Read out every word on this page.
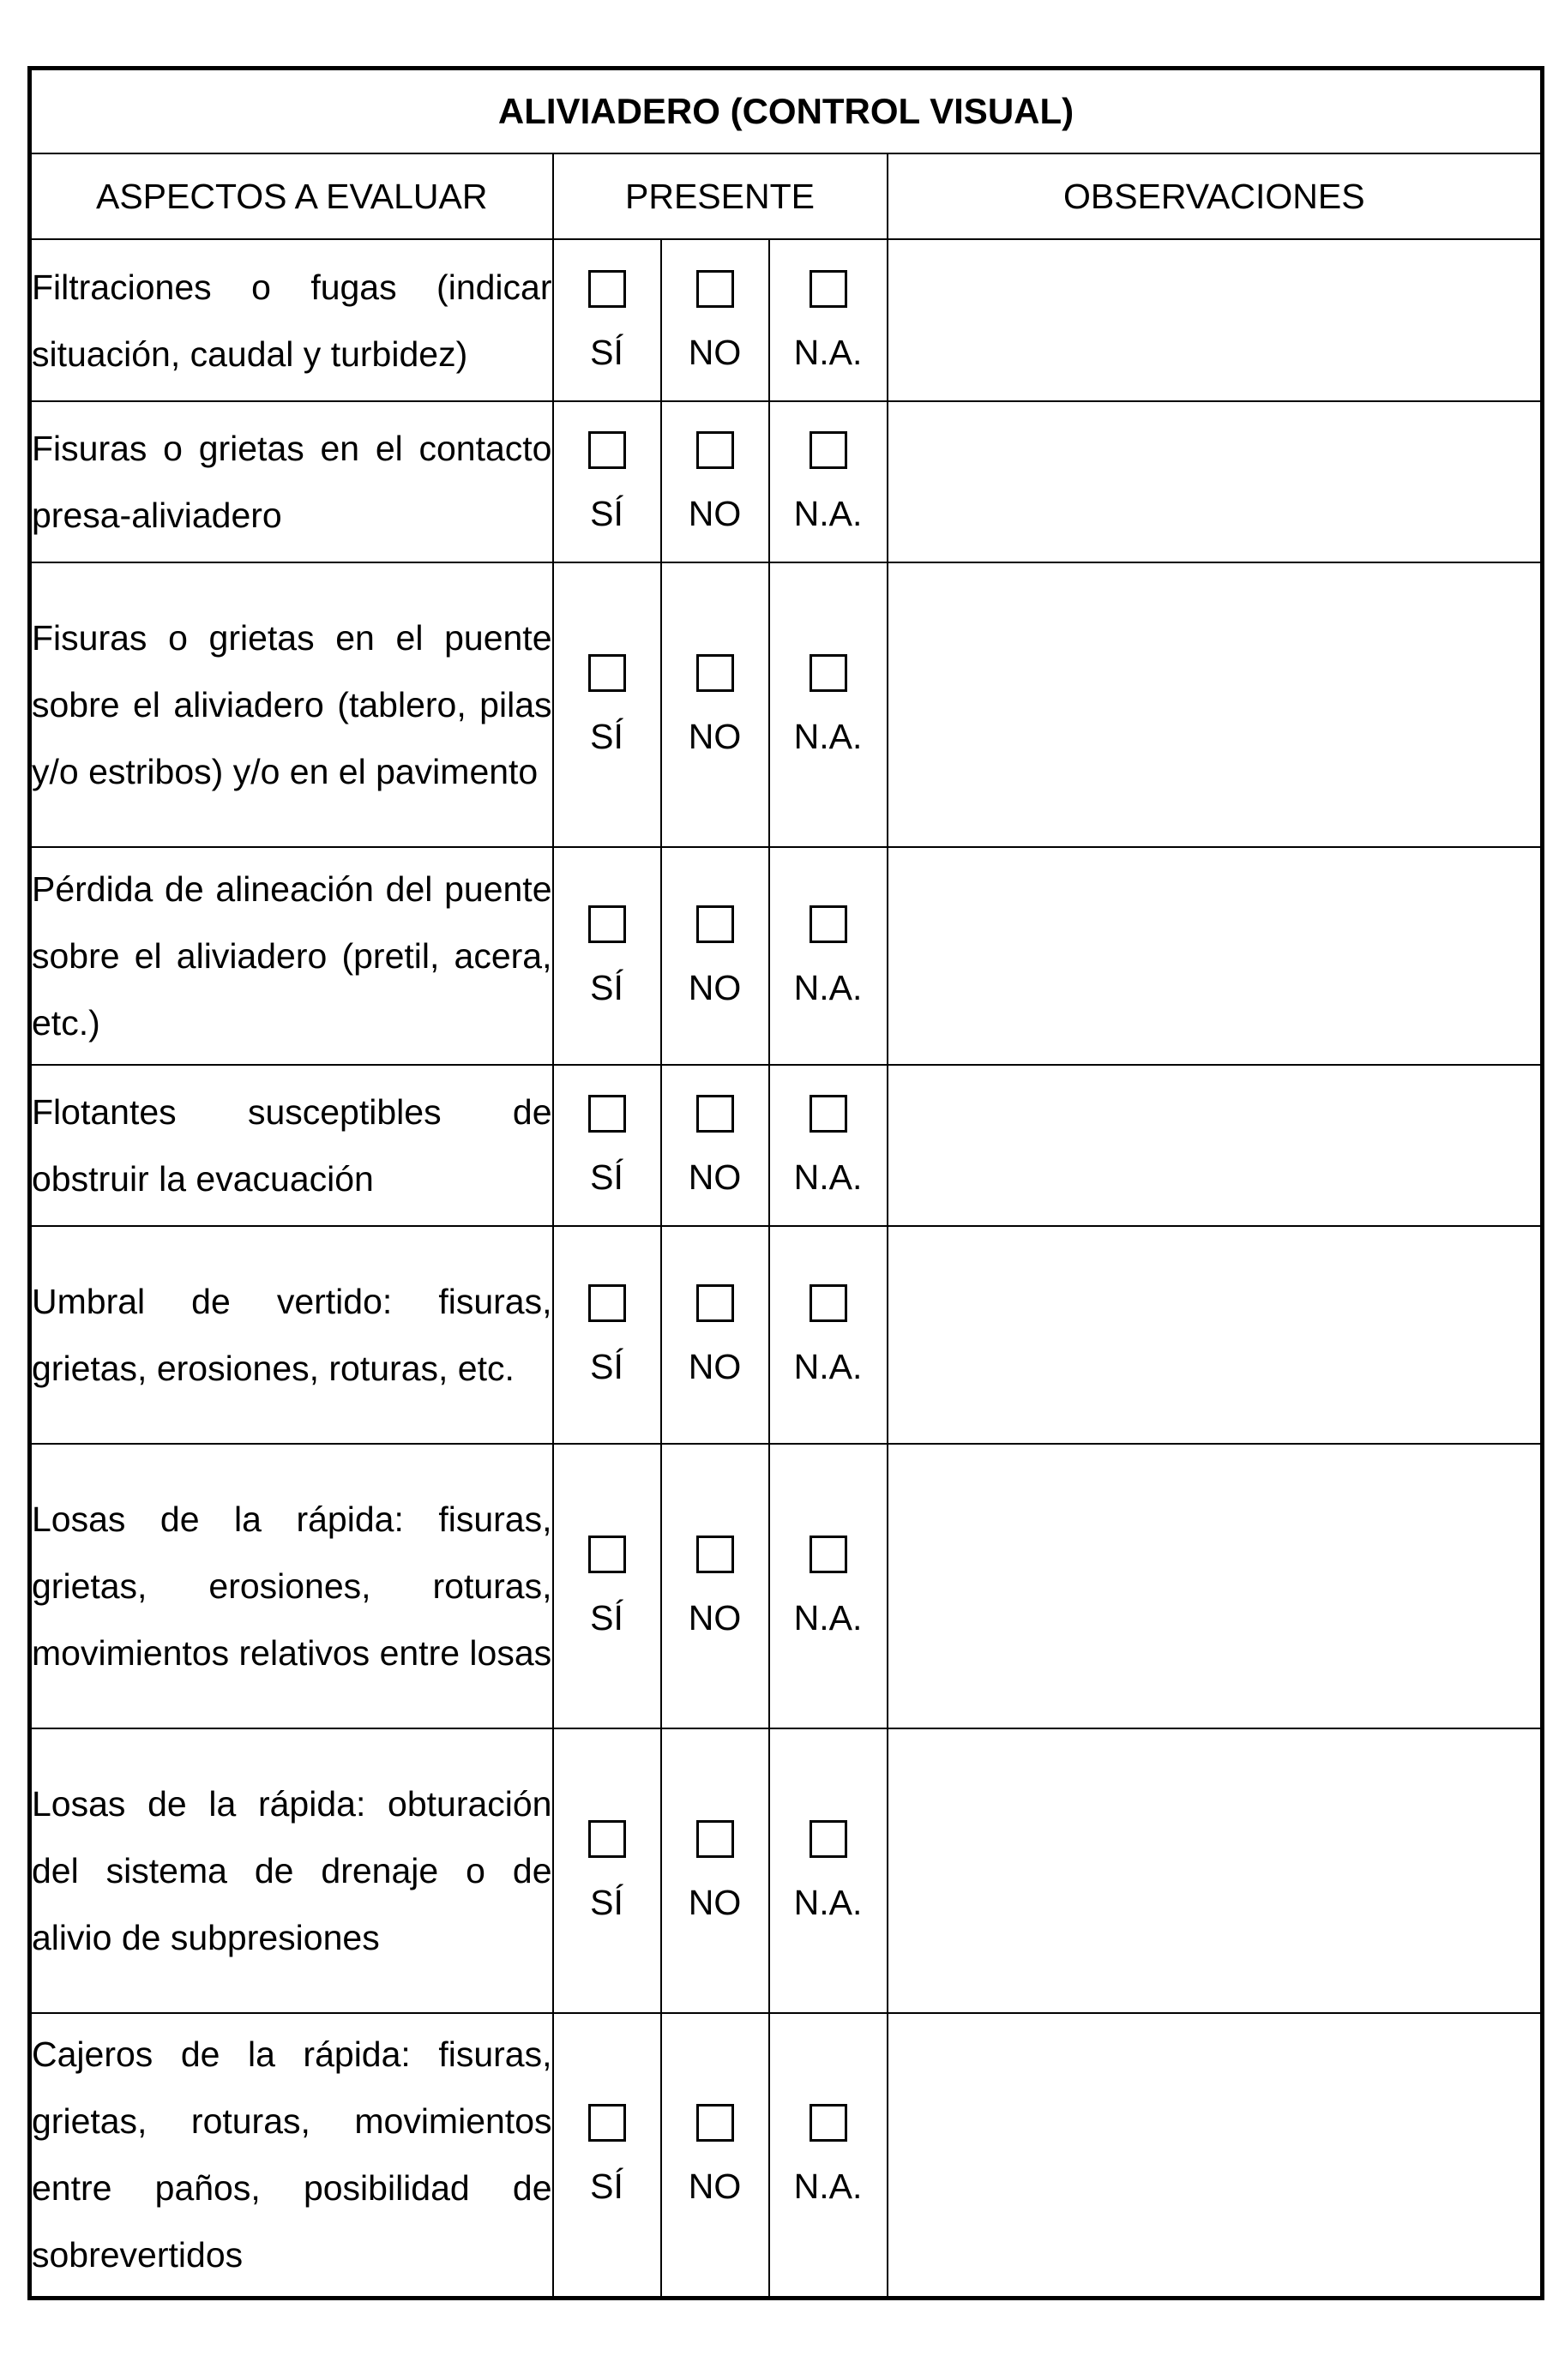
ALIVIADERO (CONTROL VISUAL)				
ASPECTOS A EVALUAR	PRESENTE			OBSERVACIONES

Filtraciones o fugas (indicar situación, caudal y turbidez)	SÍ	NO	N.A.	

Fisuras o grietas en el contacto presa-aliviadero	SÍ	NO	N.A.	

Fisuras o grietas en el puente sobre el aliviadero (tablero, pilas y/o estribos) y/o en el pavimento	SÍ	NO	N.A.	

Pérdida de alineación del puente sobre el aliviadero (pretil, acera, etc.)	SÍ	NO	N.A.	

Flotantes susceptibles de obstruir la evacuación	SÍ	NO	N.A.	

Umbral de vertido: fisuras, grietas, erosiones, roturas, etc.	SÍ	NO	N.A.	

Losas de la rápida: fisuras, grietas, erosiones, roturas, movimientos relativos entre losas	SÍ	NO	N.A.	

Losas de la rápida: obturación del sistema de drenaje o de alivio de subpresiones	SÍ	NO	N.A.	

Cajeros de la rápida: fisuras, grietas, roturas, movimientos entre paños, posibilidad de sobrevertidos	SÍ	NO	N.A.	
